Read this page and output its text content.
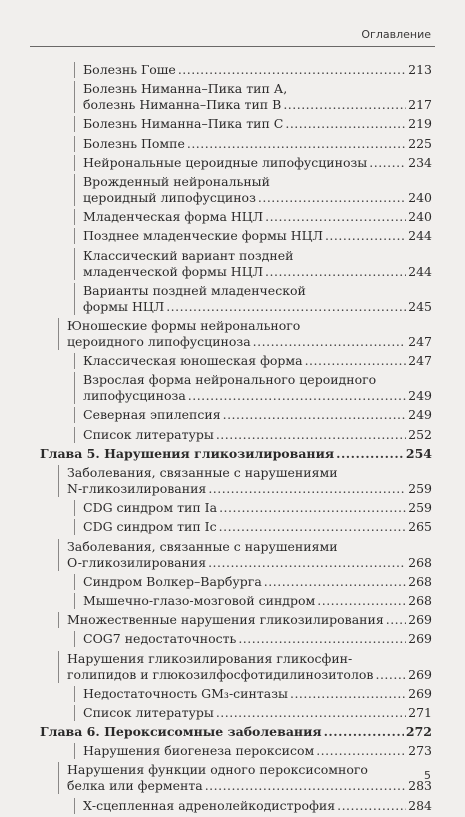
Оглавление
Болезнь Гоше .....	213
Болезнь Ниманна–Пика тип А,
болезнь Ниманна–Пика тип В .....	217
Болезнь Ниманна–Пика тип С .....	219
Болезнь Помпе .....	225
Нейрональные цероидные липофусцинозы .....	234
Врожденный нейрональный
цероидный липофусциноз .....	240
Младенческая форма НЦЛ .....	240
Позднее младенческие формы НЦЛ .....	244
Классический вариант поздней
младенческой формы НЦЛ .....	244
Варианты поздней младенческой
формы НЦЛ .....	245
Юношеские формы нейронального
цероидного липофусциноза .....	247
Классическая юношеская форма .....	247
Взрослая форма нейронального цероидного
липофусциноза .....	249
Северная эпилепсия .....	249
Список литературы .....	252
Глава 5. Нарушения гликозилирования .....	254
Заболевания, связанные с нарушениями
N-гликозилирования .....	259
CDG синдром тип Ia .....	259
CDG синдром тип Ic .....	265
Заболевания, связанные с нарушениями
O-гликозилирования .....	268
Синдром Волкер–Варбурга .....	268
Мышечно-глазо-мозговой синдром .....	268
Множественные нарушения гликозилирования ..... 269
COG7 недостаточность .....	269
Нарушения гликозилирования гликосфин-
голипидов и глюкозилфосфотидилинозитолов .....	269
Недостаточность GM₃-синтазы .....	269
Список литературы .....	271
Глава 6. Пероксисомные заболевания .....	272
Нарушения биогенеза пероксисом .....	273
Нарушения функции одного пероксисомного
белка или фермента .....	283
Х-сцепленная адренолейкодистрофия .....	284
5
